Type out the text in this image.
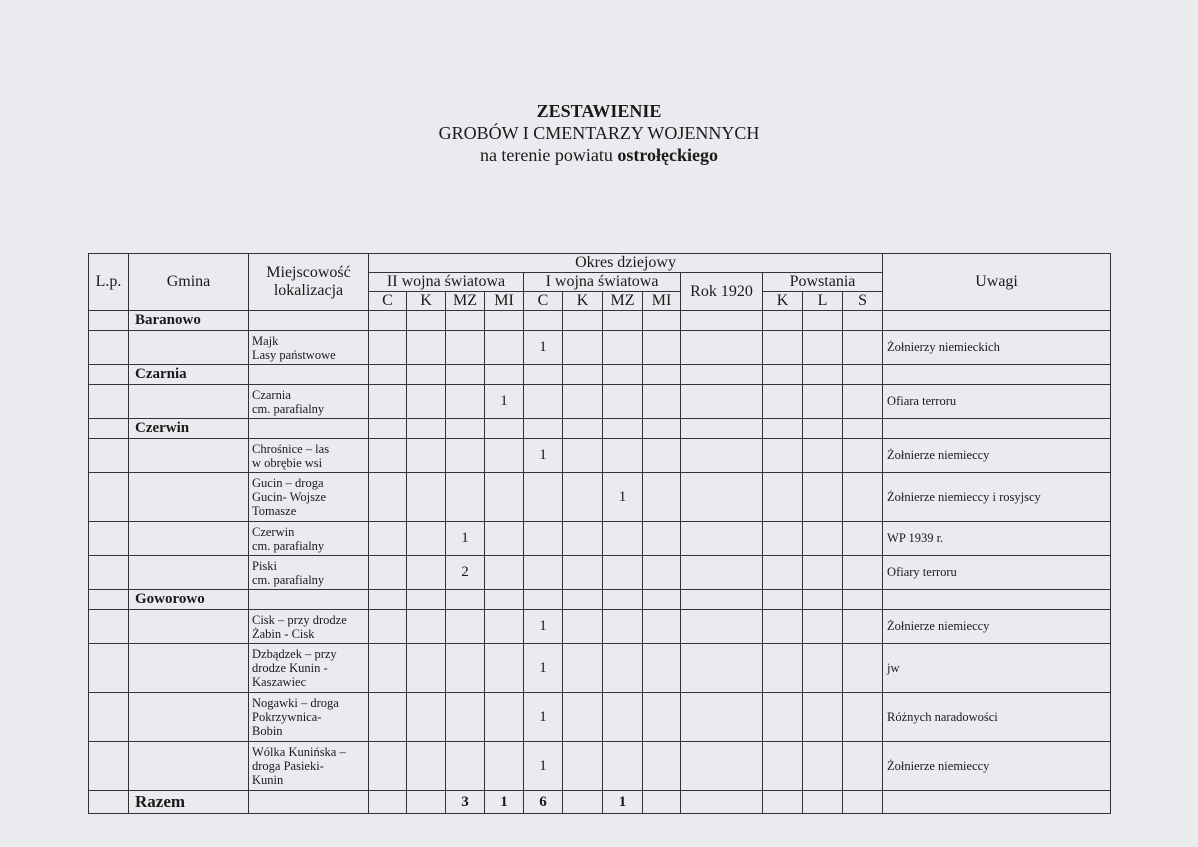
ZESTAWIENIE
GROBÓW I CMENTARZY WOJENNYCH
na terenie powiatu ostrołęckiego
L.p.	Gmina	Miejscowość lokalizacja	Okres dziejowy												Uwagi
			II wojna światowa				I wojna światowa				Rok 1920	Powstania			
			C	K	MZ	MI	C	K	MZ	MI		K	L	S	
	Baranowo														

		Majk
Lasy państwowe					1								Żołnierzy niemieckich
	Czarnia														

		Czarnia
cm. parafialny				1									Ofiara terroru
	Czerwin														

		Chrośnice – las
w obrębie wsi					1								Żołnierze niemieccy

		Gucin – droga
Gucin- Wojsze
Tomasze							1						Żołnierze niemieccy i rosyjscy

		Czerwin
cm. parafialny			1										WP 1939 r.

		Piski
cm. parafialny			2										Ofiary terroru
	Goworowo														

		Cisk – przy drodze
Żabin - Cisk					1								Żołnierze niemieccy

		Dzbądzek – przy
drodze Kunin -
Kaszawiec					1								jw

		Nogawki – droga
Pokrzywnica-
Bobin					1								Różnych naradowości

		Wólka Kunińska –
droga Pasieki-
Kunin					1								Żołnierze niemieccy
	Razem				3	1	6		1						
